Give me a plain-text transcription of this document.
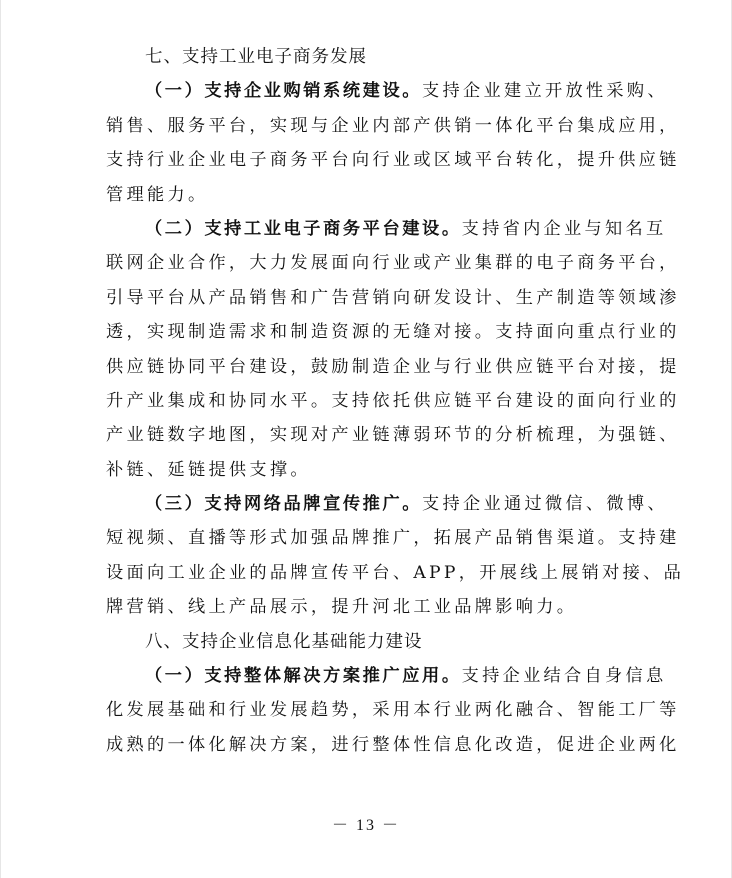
七、支持工业电子商务发展
（一）支持企业购销系统建设。支持企业建立开放性采购、
销售、服务平台，实现与企业内部产供销一体化平台集成应用，
支持行业企业电子商务平台向行业或区域平台转化，提升供应链
管理能力。
（二）支持工业电子商务平台建设。支持省内企业与知名互
联网企业合作，大力发展面向行业或产业集群的电子商务平台，
引导平台从产品销售和广告营销向研发设计、生产制造等领域渗
透，实现制造需求和制造资源的无缝对接。支持面向重点行业的
供应链协同平台建设，鼓励制造企业与行业供应链平台对接，提
升产业集成和协同水平。支持依托供应链平台建设的面向行业的
产业链数字地图，实现对产业链薄弱环节的分析梳理，为强链、
补链、延链提供支撑。
（三）支持网络品牌宣传推广。支持企业通过微信、微博、
短视频、直播等形式加强品牌推广，拓展产品销售渠道。支持建
设面向工业企业的品牌宣传平台、APP，开展线上展销对接、品
牌营销、线上产品展示，提升河北工业品牌影响力。
八、支持企业信息化基础能力建设
（一）支持整体解决方案推广应用。支持企业结合自身信息
化发展基础和行业发展趋势，采用本行业两化融合、智能工厂等
成熟的一体化解决方案，进行整体性信息化改造，促进企业两化
－ 13 －
